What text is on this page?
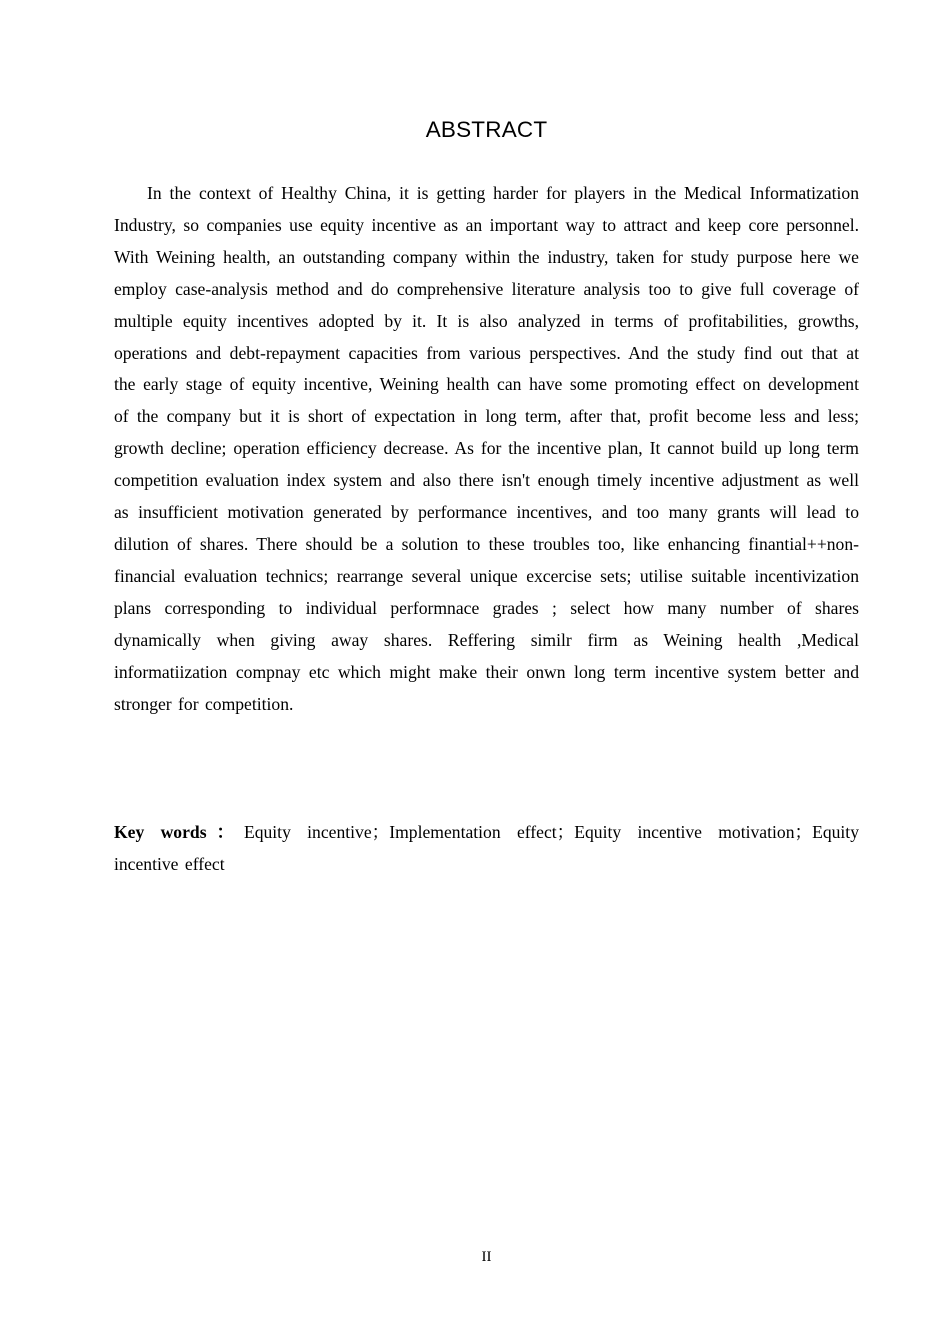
ABSTRACT

In the context of Healthy China, it is getting harder for players in the Medical Informatization Industry, so companies use equity incentive as an important way to attract and keep core personnel. With Weining health, an outstanding company within the industry, taken for study purpose here we employ case-analysis method and do comprehensive literature analysis too to give full coverage of multiple equity incentives adopted by it. It is also analyzed in terms of profitabilities, growths, operations and debt-repayment capacities from various perspectives. And the study find out that at the early stage of equity incentive, Weining health can have some promoting effect on development of the company but it is short of expectation in long term, after that, profit become less and less; growth decline; operation efficiency decrease. As for the incentive plan, It cannot build up long term competition evaluation index system and also there isn't enough timely incentive adjustment as well as insufficient motivation generated by performance incentives, and too many grants will lead to dilution of shares. There should be a solution to these troubles too, like enhancing finantial++non-financial evaluation technics; rearrange several unique excercise sets; utilise suitable incentivization plans corresponding to individual performnace grades ; select how many number of shares dynamically when giving away shares. Reffering similr firm as Weining health ,Medical informatiization compnay etc which might make their onwn long term incentive system better and stronger for competition.

Key words：Equity incentive；Implementation effect；Equity incentive motivation；Equity incentive effect

II
